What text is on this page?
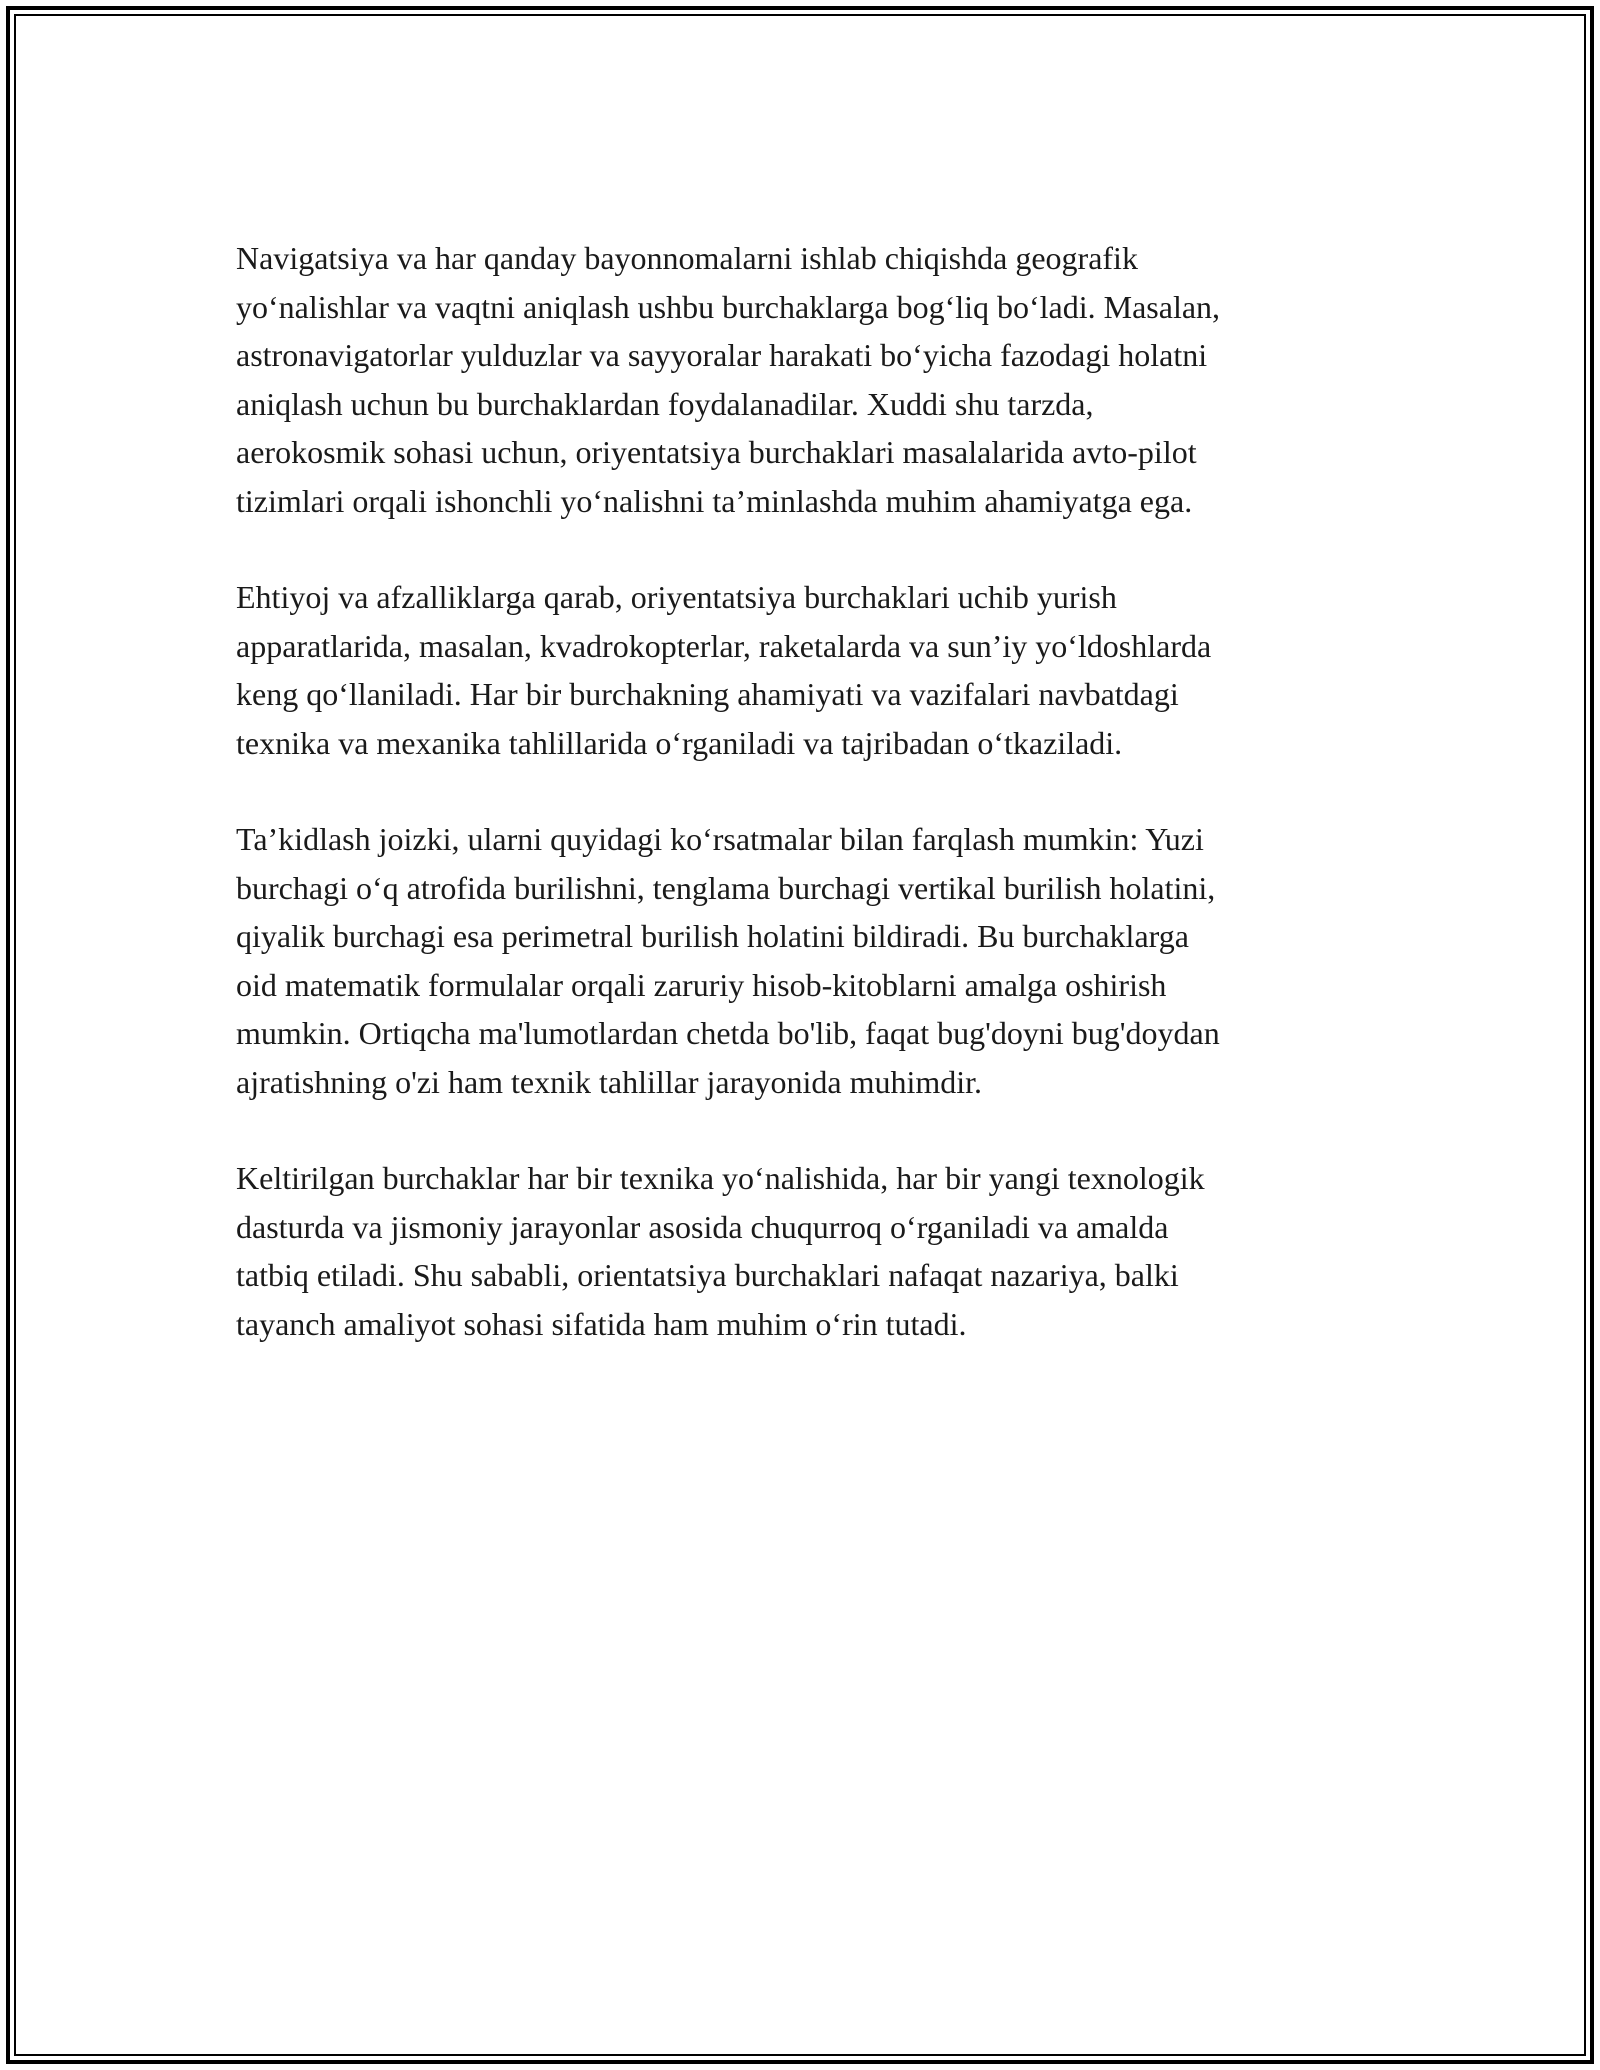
Navigatsiya va har qanday bayonnomalarni ishlab chiqishda geografik
yo‘nalishlar va vaqtni aniqlash ushbu burchaklarga bog‘liq bo‘ladi. Masalan,
astronavigatorlar yulduzlar va sayyoralar harakati bo‘yicha fazodagi holatni
aniqlash uchun bu burchaklardan foydalanadilar. Xuddi shu tarzda,
aerokosmik sohasi uchun, oriyentatsiya burchaklari masalalarida avto-pilot
tizimlari orqali ishonchli yo‘nalishni ta’minlashda muhim ahamiyatga ega.

Ehtiyoj va afzalliklarga qarab, oriyentatsiya burchaklari uchib yurish
apparatlarida, masalan, kvadrokopterlar, raketalarda va sun’iy yo‘ldoshlarda
keng qo‘llaniladi. Har bir burchakning ahamiyati va vazifalari navbatdagi
texnika va mexanika tahlillarida o‘rganiladi va tajribadan o‘tkaziladi.

Ta’kidlash joizki, ularni quyidagi ko‘rsatmalar bilan farqlash mumkin: Yuzi
burchagi o‘q atrofida burilishni, tenglama burchagi vertikal burilish holatini,
qiyalik burchagi esa perimetral burilish holatini bildiradi. Bu burchaklarga
oid matematik formulalar orqali zaruriy hisob-kitoblarni amalga oshirish
mumkin. Ortiqcha ma'lumotlardan chetda bo'lib, faqat bug'doyni bug'doydan
ajratishning o'zi ham texnik tahlillar jarayonida muhimdir.

Keltirilgan burchaklar har bir texnika yo‘nalishida, har bir yangi texnologik
dasturda va jismoniy jarayonlar asosida chuqurroq o‘rganiladi va amalda
tatbiq etiladi. Shu sababli, orientatsiya burchaklari nafaqat nazariya, balki
tayanch amaliyot sohasi sifatida ham muhim o‘rin tutadi.
